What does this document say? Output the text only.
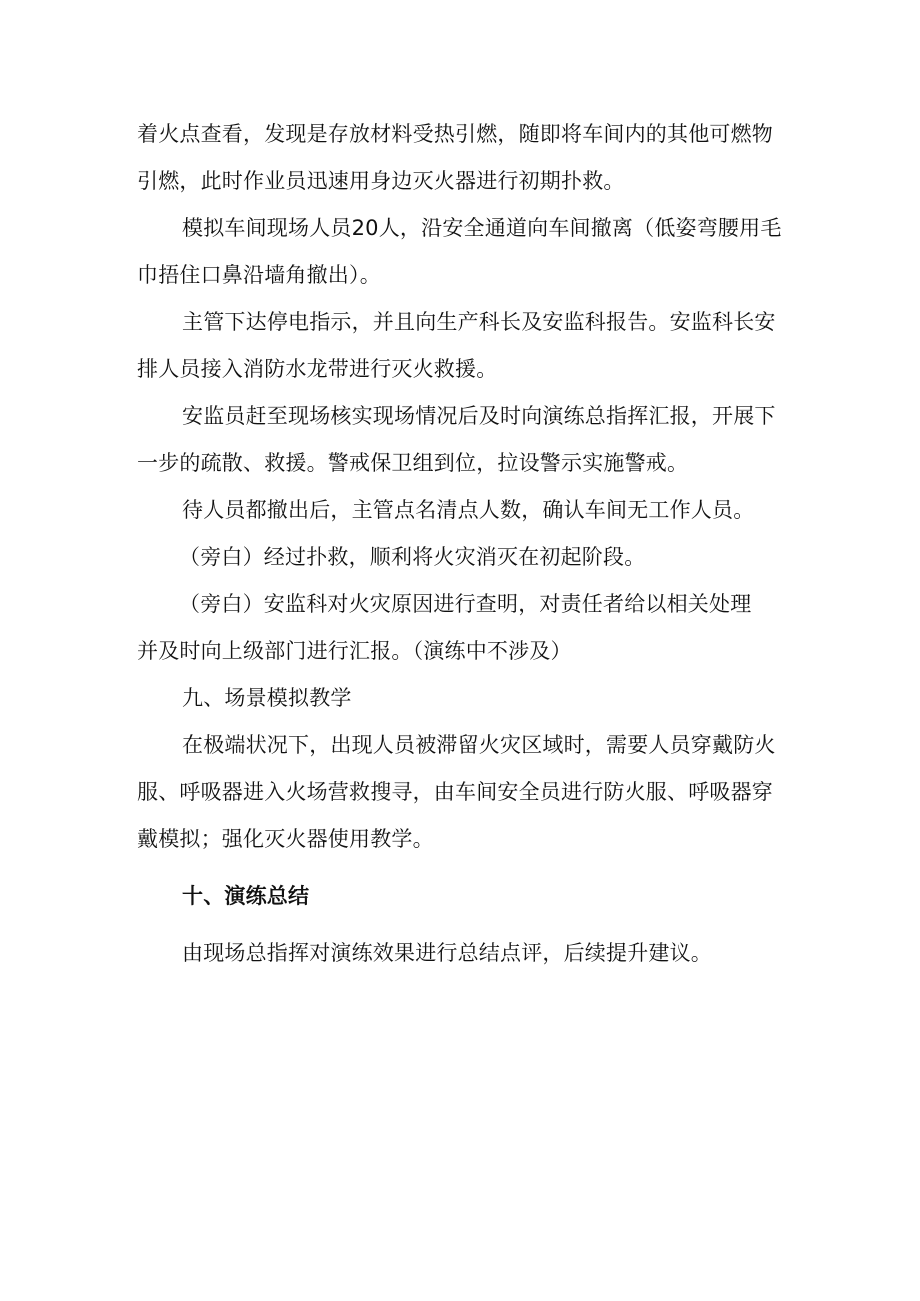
着火点查看，发现是存放材料受热引燃，随即将车间内的其他可燃物
引燃，此时作业员迅速用身边灭火器进行初期扑救。
模拟车间现场人员20人，沿安全通道向车间撤离（低姿弯腰用毛
巾捂住口鼻沿墙角撤出）。
主管下达停电指示，并且向生产科长及安监科报告。安监科长安
排人员接入消防水龙带进行灭火救援。
安监员赶至现场核实现场情况后及时向演练总指挥汇报，开展下
一步的疏散、救援。警戒保卫组到位，拉设警示实施警戒。
待人员都撤出后，主管点名清点人数，确认车间无工作人员。
（旁白）经过扑救，顺利将火灾消灭在初起阶段。
（旁白）安监科对火灾原因进行查明，对责任者给以相关处理
并及时向上级部门进行汇报。（演练中不涉及）
九、场景模拟教学
在极端状况下，出现人员被滞留火灾区域时，需要人员穿戴防火
服、呼吸器进入火场营救搜寻，由车间安全员进行防火服、呼吸器穿
戴模拟；强化灭火器使用教学。
十、演练总结
由现场总指挥对演练效果进行总结点评，后续提升建议。
